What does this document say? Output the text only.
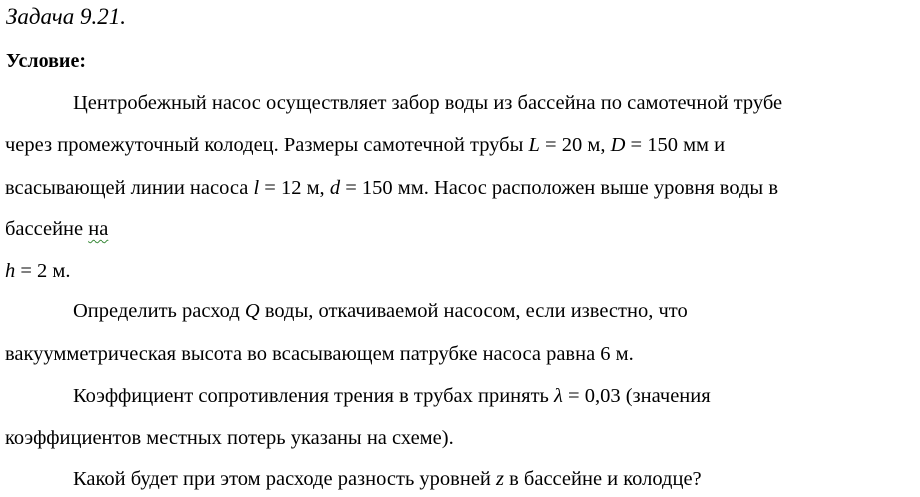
Задача 9.21.
Условие:
Центробежный насос осуществляет забор воды из бассейна по самотечной трубе
через промежуточный колодец. Размеры самотечной трубы L = 20 м, D = 150 мм и
всасывающей линии насоса l = 12 м, d = 150 мм. Насос расположен выше уровня воды в
бассейне на
h = 2 м.
Определить расход Q воды, откачиваемой насосом, если известно, что
вакуумметрическая высота во всасывающем патрубке насоса равна 6 м.
Коэффициент сопротивления трения в трубах принять λ = 0,03 (значения
коэффициентов местных потерь указаны на схеме).
Какой будет при этом расходе разность уровней z в бассейне и колодце?
